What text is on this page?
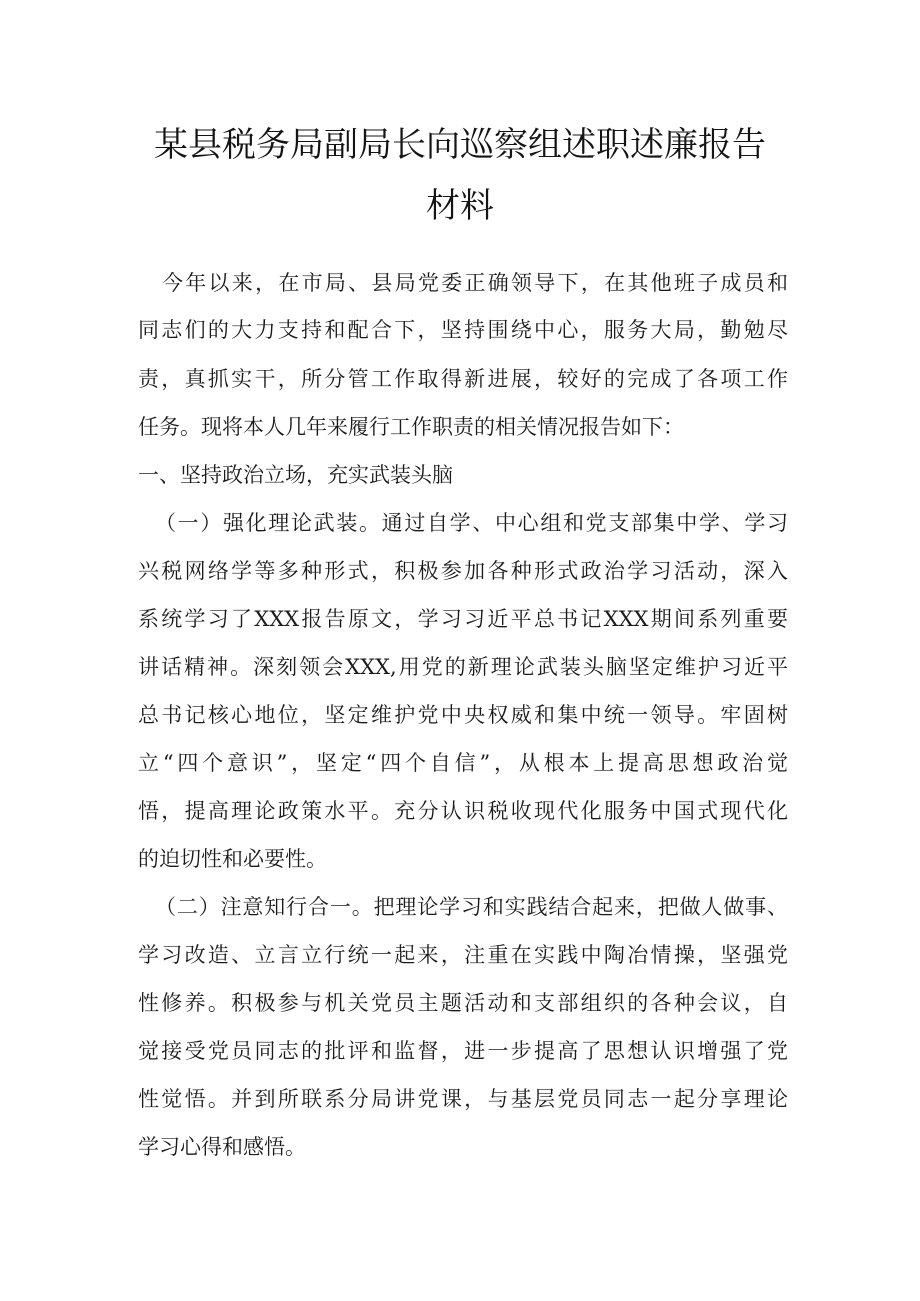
某县税务局副局长向巡察组述职述廉报告
材料
今年以来，在市局、县局党委正确领导下，在其他班子成员和
同志们的大力支持和配合下，坚持围绕中心，服务大局，勤勉尽
责，真抓实干，所分管工作取得新进展，较好的完成了各项工作
任务。现将本人几年来履行工作职责的相关情况报告如下：
一、坚持政治立场，充实武装头脑
（一）强化理论武装。通过自学、中心组和党支部集中学、学习
兴税网络学等多种形式，积极参加各种形式政治学习活动，深入
系统学习了XXX报告原文，学习习近平总书记XXX期间系列重要
讲话精神。深刻领会XXX,用党的新理论武装头脑坚定维护习近平
总书记核心地位，坚定维护党中央权威和集中统一领导。牢固树
立“四个意识”，坚定“四个自信”，从根本上提高思想政治觉
悟，提高理论政策水平。充分认识税收现代化服务中国式现代化
的迫切性和必要性。
（二）注意知行合一。把理论学习和实践结合起来，把做人做事、
学习改造、立言立行统一起来，注重在实践中陶冶情操，坚强党
性修养。积极参与机关党员主题活动和支部组织的各种会议，自
觉接受党员同志的批评和监督，进一步提高了思想认识增强了党
性觉悟。并到所联系分局讲党课，与基层党员同志一起分享理论
学习心得和感悟。
